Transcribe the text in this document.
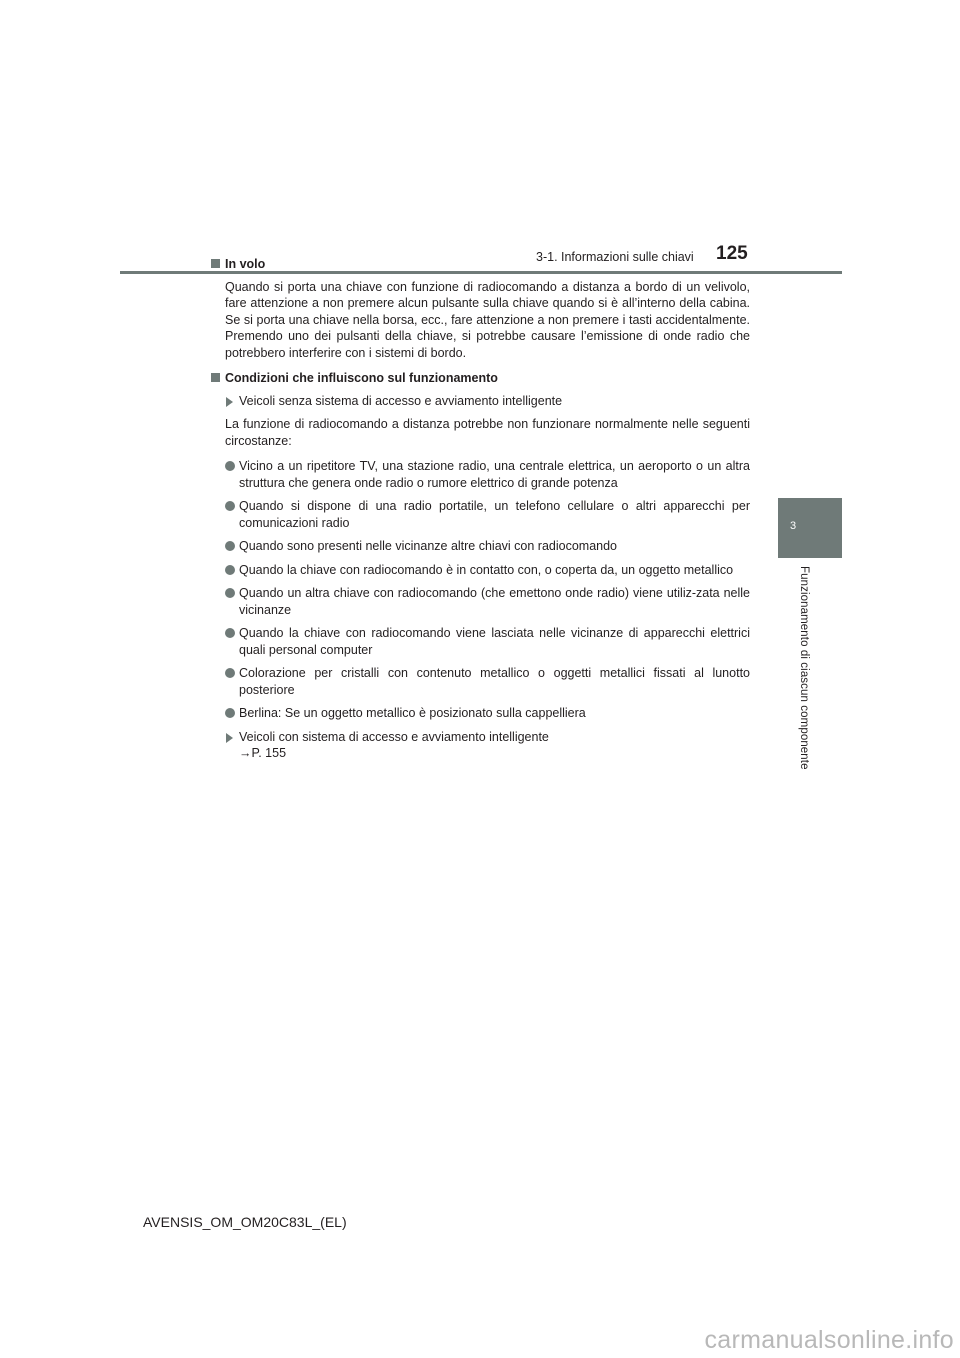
3-1. Informazioni sulle chiavi 125
3
Funzionamento di ciascun componente
In volo
Quando si porta una chiave con funzione di radiocomando a distanza a bordo di un velivolo, fare attenzione a non premere alcun pulsante sulla chiave quando si è all’interno della cabina. Se si porta una chiave nella borsa, ecc., fare attenzione a non premere i tasti accidentalmente. Premendo uno dei pulsanti della chiave, si potrebbe causare l’emissione di onde radio che potrebbero interferire con i sistemi di bordo.
Condizioni che influiscono sul funzionamento
Veicoli senza sistema di accesso e avviamento intelligente
La funzione di radiocomando a distanza potrebbe non funzionare normalmente nelle seguenti circostanze:
Vicino a un ripetitore TV, una stazione radio, una centrale elettrica, un aeroporto o un altra struttura che genera onde radio o rumore elettrico di grande potenza
Quando si dispone di una radio portatile, un telefono cellulare o altri apparecchi per comunicazioni radio
Quando sono presenti nelle vicinanze altre chiavi con radiocomando
Quando la chiave con radiocomando è in contatto con, o coperta da, un oggetto metallico
Quando un altra chiave con radiocomando (che emettono onde radio) viene utiliz-zata nelle vicinanze
Quando la chiave con radiocomando viene lasciata nelle vicinanze di apparecchi elettrici quali personal computer
Colorazione per cristalli con contenuto metallico o oggetti metallici fissati al lunotto posteriore
Berlina: Se un oggetto metallico è posizionato sulla cappelliera
Veicoli con sistema di accesso e avviamento intelligente
→P. 155
AVENSIS_OM_OM20C83L_(EL)
carmanualsonline.info
